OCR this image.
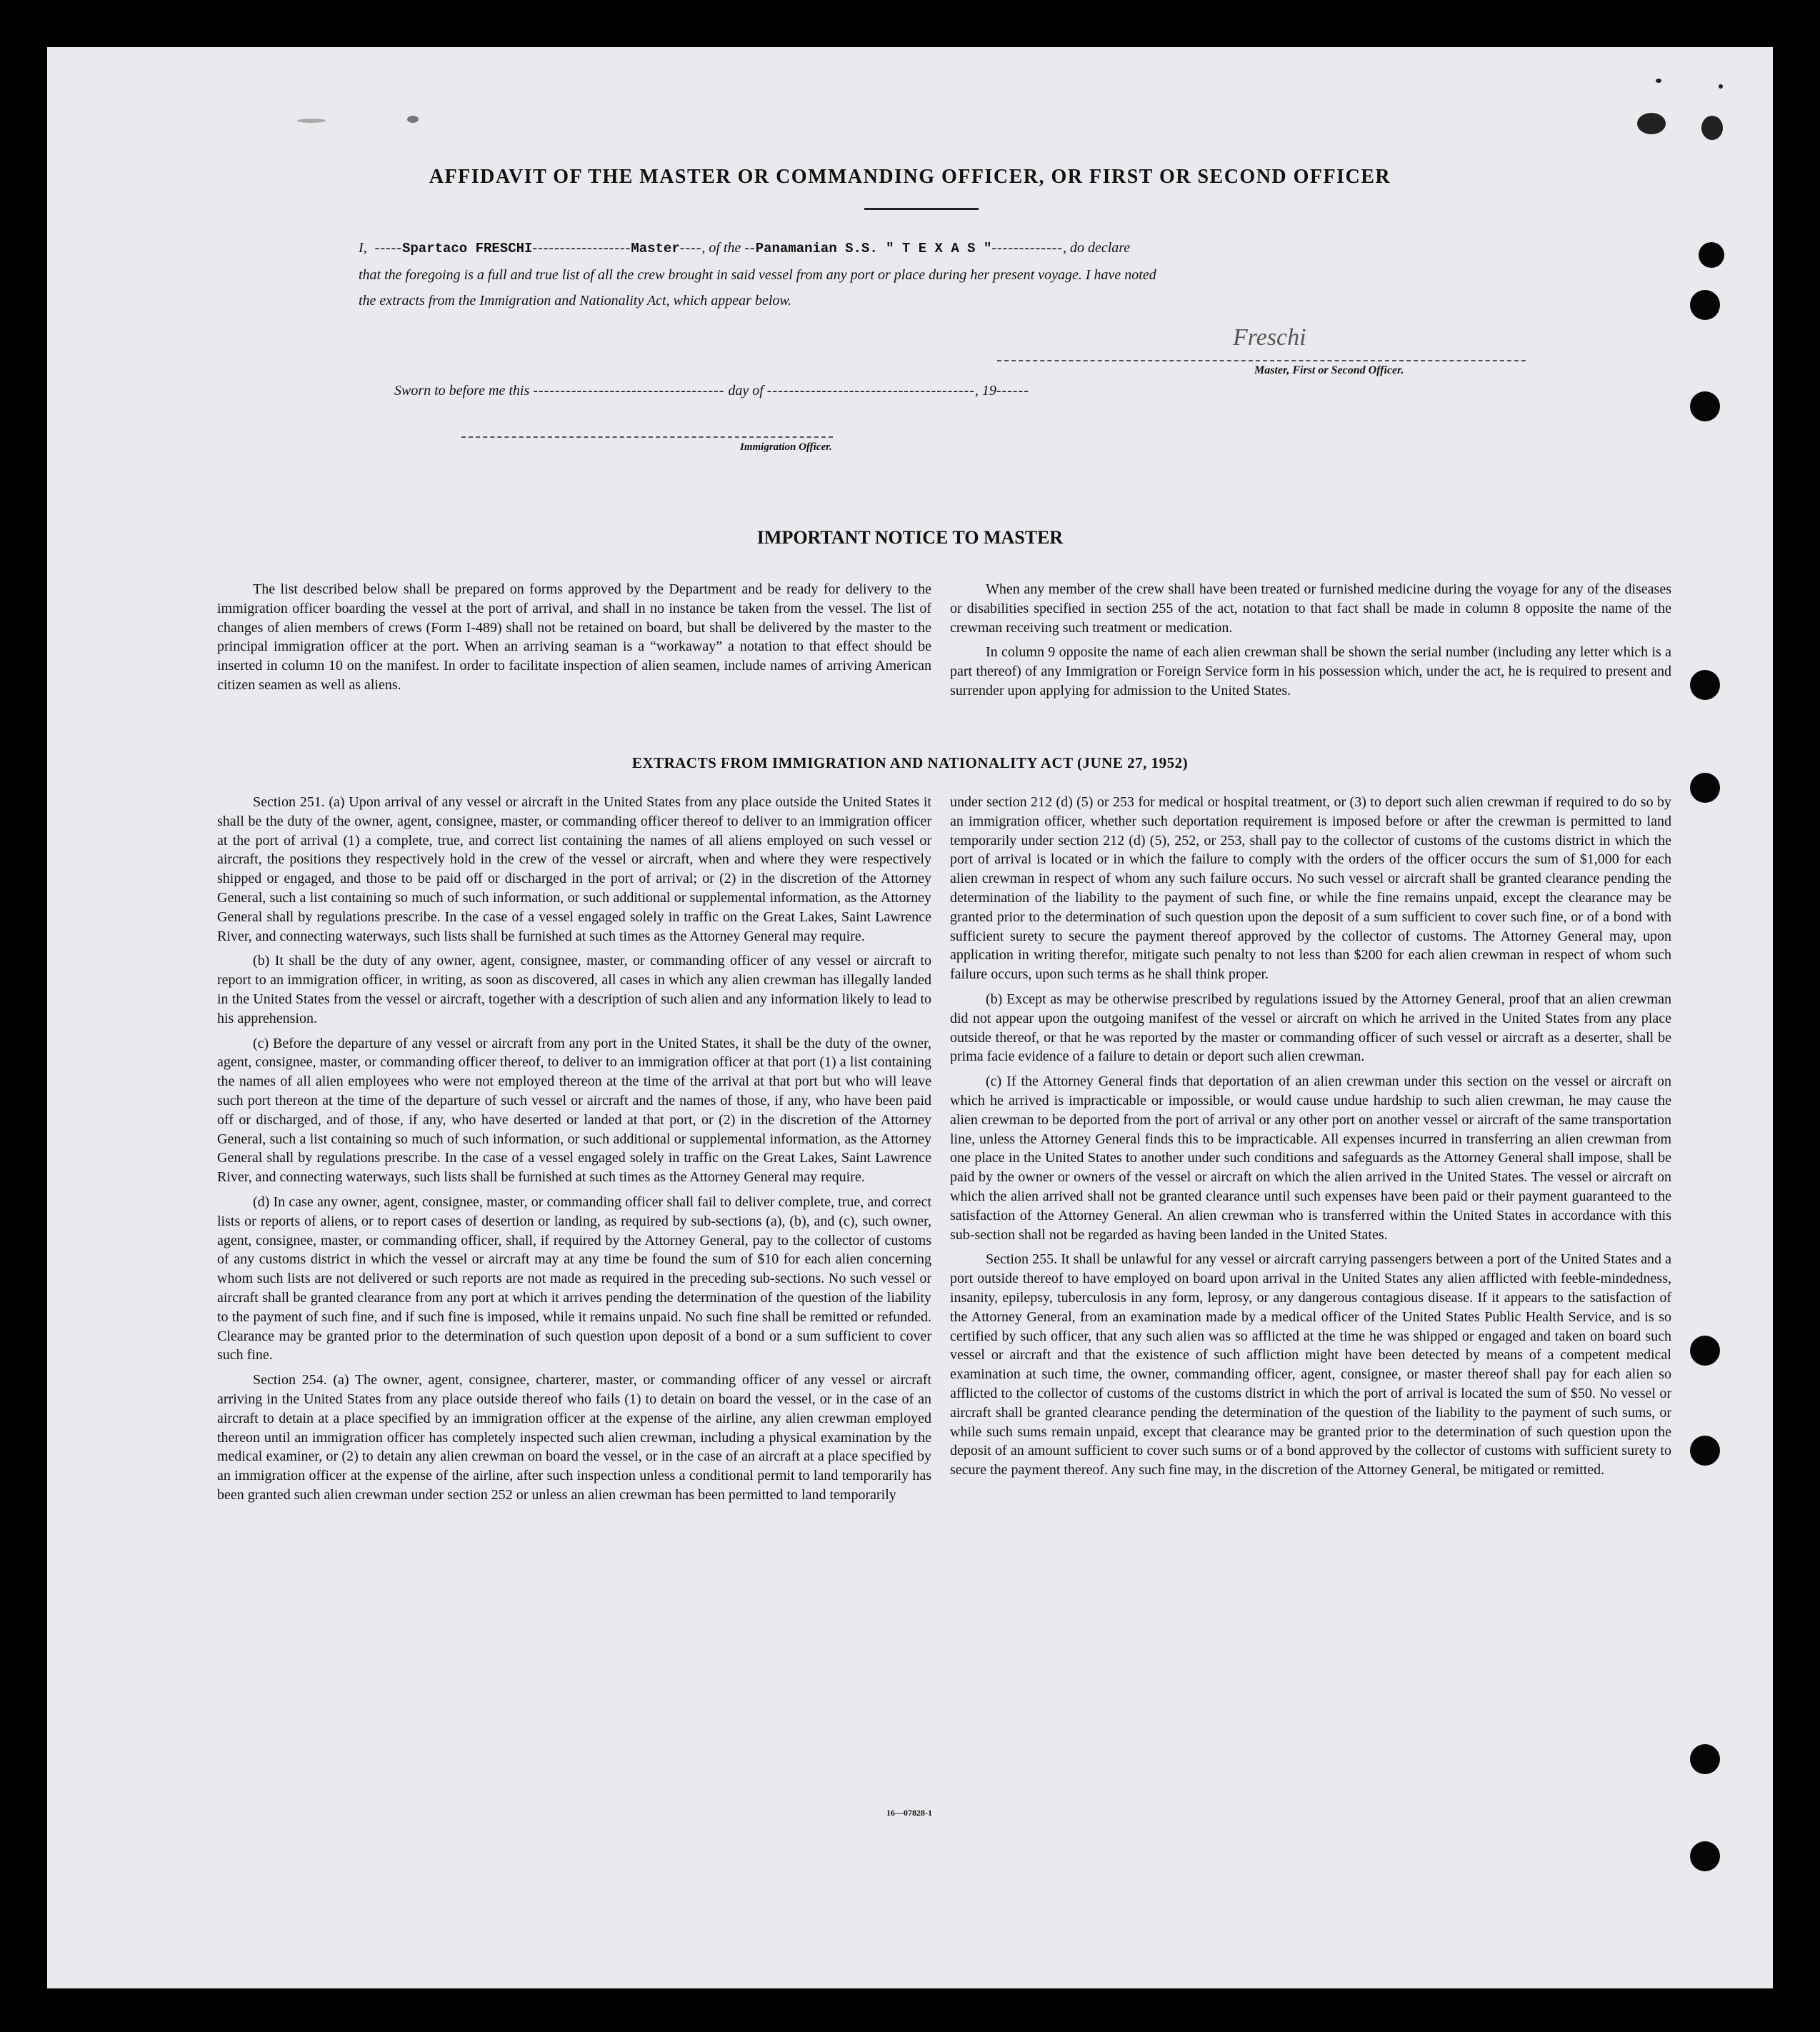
AFFIDAVIT OF THE MASTER OR COMMANDING OFFICER, OR FIRST OR SECOND OFFICER
I,  -----Spartaco FRESCHI------------------Master----, of the --Panamanian S.S. " T E X A S "-------------, do declare
that the foregoing is a full and true list of all the crew brought in said vessel from any port or place during her present voyage. I have noted
the extracts from the Immigration and Nationality Act, which appear below.
Freschi
Master, First or Second Officer.
Sworn to before me this ----------------------------------- day of --------------------------------------, 19------
Immigration Officer.
IMPORTANT NOTICE TO MASTER

The list described below shall be prepared on forms approved by the Department and be ready for delivery to the immigration officer boarding the vessel at the port of arrival, and shall in no instance be taken from the vessel. The list of changes of alien members of crews (Form I-489) shall not be retained on board, but shall be delivered by the master to the principal immigration officer at the port. When an arriving seaman is a “workaway” a notation to that effect should be inserted in column 10 on the manifest. In order to facilitate inspection of alien seamen, include names of arriving American citizen seamen as well as aliens.

When any member of the crew shall have been treated or furnished medicine during the voyage for any of the diseases or disabilities specified in section 255 of the act, notation to that fact shall be made in column 8 opposite the name of the crewman receiving such treatment or medication.

In column 9 opposite the name of each alien crewman shall be shown the serial number (including any letter which is a part thereof) of any Immigration or Foreign Service form in his possession which, under the act, he is required to present and surrender upon applying for admission to the United States.

EXTRACTS FROM IMMIGRATION AND NATIONALITY ACT (JUNE 27, 1952)

Section 251. (a) Upon arrival of any vessel or aircraft in the United States from any place outside the United States it shall be the duty of the owner, agent, consignee, master, or commanding officer thereof to deliver to an immigration officer at the port of arrival (1) a complete, true, and correct list containing the names of all aliens employed on such vessel or aircraft, the positions they respectively hold in the crew of the vessel or aircraft, when and where they were respectively shipped or engaged, and those to be paid off or discharged in the port of arrival; or (2) in the discretion of the Attorney General, such a list containing so much of such information, or such additional or supplemental information, as the Attorney General shall by regulations prescribe. In the case of a vessel engaged solely in traffic on the Great Lakes, Saint Lawrence River, and connecting waterways, such lists shall be furnished at such times as the Attorney General may require.

(b) It shall be the duty of any owner, agent, consignee, master, or commanding officer of any vessel or aircraft to report to an immigration officer, in writing, as soon as discovered, all cases in which any alien crewman has illegally landed in the United States from the vessel or aircraft, together with a description of such alien and any information likely to lead to his apprehension.

(c) Before the departure of any vessel or aircraft from any port in the United States, it shall be the duty of the owner, agent, consignee, master, or commanding officer thereof, to deliver to an immigration officer at that port (1) a list containing the names of all alien employees who were not employed thereon at the time of the arrival at that port but who will leave such port thereon at the time of the departure of such vessel or aircraft and the names of those, if any, who have been paid off or discharged, and of those, if any, who have deserted or landed at that port, or (2) in the discretion of the Attorney General, such a list containing so much of such information, or such additional or supplemental information, as the Attorney General shall by regulations prescribe. In the case of a vessel engaged solely in traffic on the Great Lakes, Saint Lawrence River, and connecting waterways, such lists shall be furnished at such times as the Attorney General may require.

(d) In case any owner, agent, consignee, master, or commanding officer shall fail to deliver complete, true, and correct lists or reports of aliens, or to report cases of desertion or landing, as required by sub-sections (a), (b), and (c), such owner, agent, consignee, master, or commanding officer, shall, if required by the Attorney General, pay to the collector of customs of any customs district in which the vessel or aircraft may at any time be found the sum of $10 for each alien concerning whom such lists are not delivered or such reports are not made as required in the preceding sub-sections. No such vessel or aircraft shall be granted clearance from any port at which it arrives pending the determination of the question of the liability to the payment of such fine, and if such fine is imposed, while it remains unpaid. No such fine shall be remitted or refunded. Clearance may be granted prior to the determination of such question upon deposit of a bond or a sum sufficient to cover such fine.

Section 254. (a) The owner, agent, consignee, charterer, master, or commanding officer of any vessel or aircraft arriving in the United States from any place outside thereof who fails (1) to detain on board the vessel, or in the case of an aircraft to detain at a place specified by an immigration officer at the expense of the airline, any alien crewman employed thereon until an immigration officer has completely inspected such alien crewman, including a physical examination by the medical examiner, or (2) to detain any alien crewman on board the vessel, or in the case of an aircraft at a place specified by an immigration officer at the expense of the airline, after such inspection unless a conditional permit to land temporarily has been granted such alien crewman under section 252 or unless an alien crewman has been permitted to land temporarily

under section 212 (d) (5) or 253 for medical or hospital treatment, or (3) to deport such alien crewman if required to do so by an immigration officer, whether such deportation requirement is imposed before or after the crewman is permitted to land temporarily under section 212 (d) (5), 252, or 253, shall pay to the collector of customs of the customs district in which the port of arrival is located or in which the failure to comply with the orders of the officer occurs the sum of $1,000 for each alien crewman in respect of whom any such failure occurs. No such vessel or aircraft shall be granted clearance pending the determination of the liability to the payment of such fine, or while the fine remains unpaid, except the clearance may be granted prior to the determination of such question upon the deposit of a sum sufficient to cover such fine, or of a bond with sufficient surety to secure the payment thereof approved by the collector of customs. The Attorney General may, upon application in writing therefor, mitigate such penalty to not less than $200 for each alien crewman in respect of whom such failure occurs, upon such terms as he shall think proper.

(b) Except as may be otherwise prescribed by regulations issued by the Attorney General, proof that an alien crewman did not appear upon the outgoing manifest of the vessel or aircraft on which he arrived in the United States from any place outside thereof, or that he was reported by the master or commanding officer of such vessel or aircraft as a deserter, shall be prima facie evidence of a failure to detain or deport such alien crewman.

(c) If the Attorney General finds that deportation of an alien crewman under this section on the vessel or aircraft on which he arrived is impracticable or impossible, or would cause undue hardship to such alien crewman, he may cause the alien crewman to be deported from the port of arrival or any other port on another vessel or aircraft of the same transportation line, unless the Attorney General finds this to be impracticable. All expenses incurred in transferring an alien crewman from one place in the United States to another under such conditions and safeguards as the Attorney General shall impose, shall be paid by the owner or owners of the vessel or aircraft on which the alien arrived in the United States. The vessel or aircraft on which the alien arrived shall not be granted clearance until such expenses have been paid or their payment guaranteed to the satisfaction of the Attorney General. An alien crewman who is transferred within the United States in accordance with this sub-section shall not be regarded as having been landed in the United States.

Section 255. It shall be unlawful for any vessel or aircraft carrying passengers between a port of the United States and a port outside thereof to have employed on board upon arrival in the United States any alien afflicted with feeble-mindedness, insanity, epilepsy, tuberculosis in any form, leprosy, or any dangerous contagious disease. If it appears to the satisfaction of the Attorney General, from an examination made by a medical officer of the United States Public Health Service, and is so certified by such officer, that any such alien was so afflicted at the time he was shipped or engaged and taken on board such vessel or aircraft and that the existence of such affliction might have been detected by means of a competent medical examination at such time, the owner, commanding officer, agent, consignee, or master thereof shall pay for each alien so afflicted to the collector of customs of the customs district in which the port of arrival is located the sum of $50. No vessel or aircraft shall be granted clearance pending the determination of the question of the liability to the payment of such sums, or while such sums remain unpaid, except that clearance may be granted prior to the determination of such question upon the deposit of an amount sufficient to cover such sums or of a bond approved by the collector of customs with sufficient surety to secure the payment thereof. Any such fine may, in the discretion of the Attorney General, be mitigated or remitted.

16—07828-1
